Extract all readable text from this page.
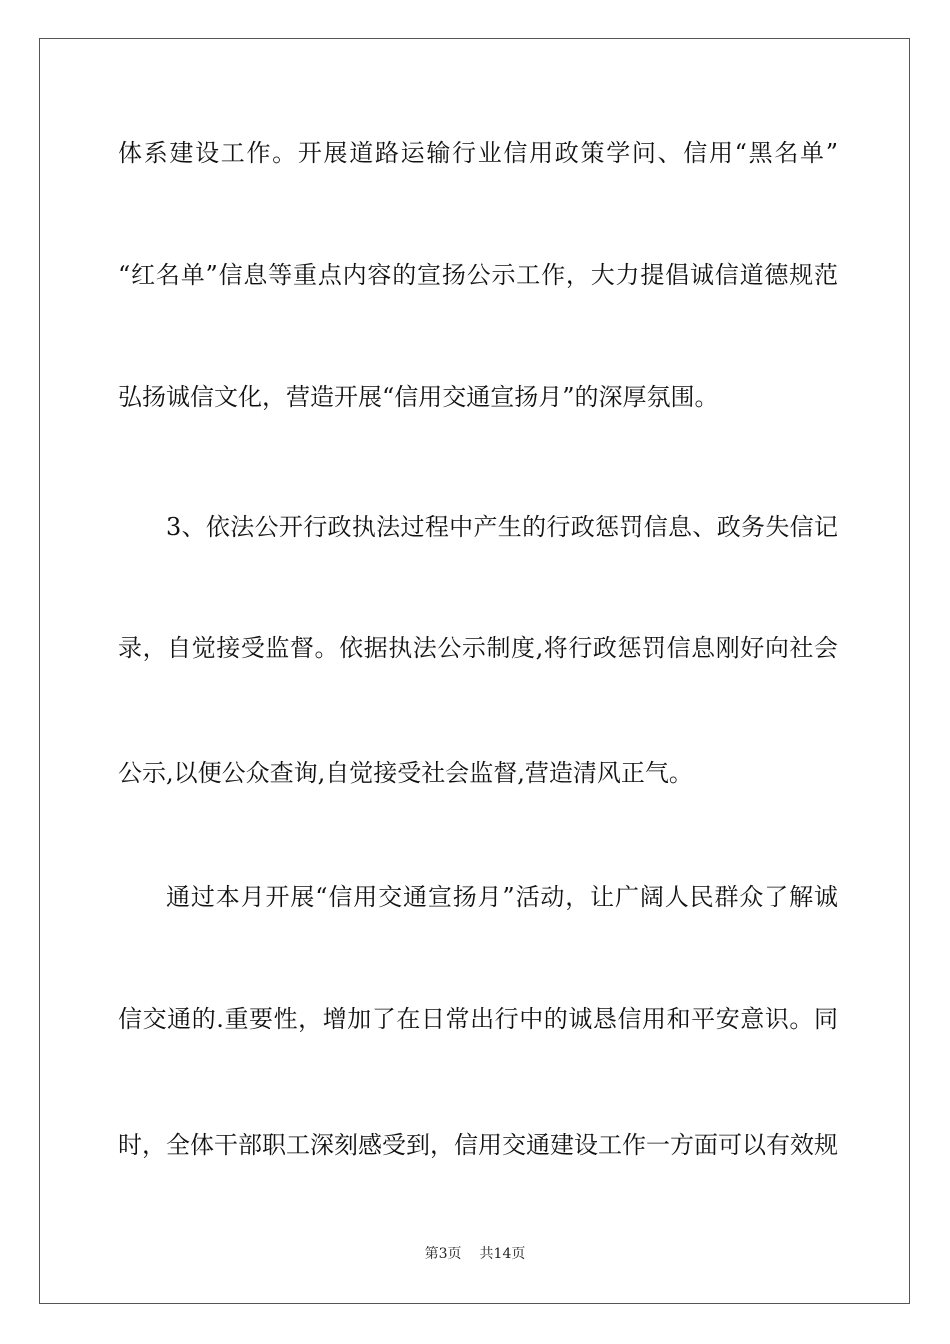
体系建设工作。开展道路运输行业信用政策学问、信用“黑名单”
“红名单”信息等重点内容的宣扬公示工作，大力提倡诚信道德规范
弘扬诚信文化，营造开展“信用交通宣扬月”的深厚氛围。
3、依法公开行政执法过程中产生的行政惩罚信息、政务失信记
录，自觉接受监督。依据执法公示制度,将行政惩罚信息刚好向社会
公示,以便公众查询,自觉接受社会监督,营造清风正气。
通过本月开展“信用交通宣扬月”活动，让广阔人民群众了解诚
信交通的.重要性，增加了在日常出行中的诚恳信用和平安意识。同
时，全体干部职工深刻感受到，信用交通建设工作一方面可以有效规
第3页 共14页
